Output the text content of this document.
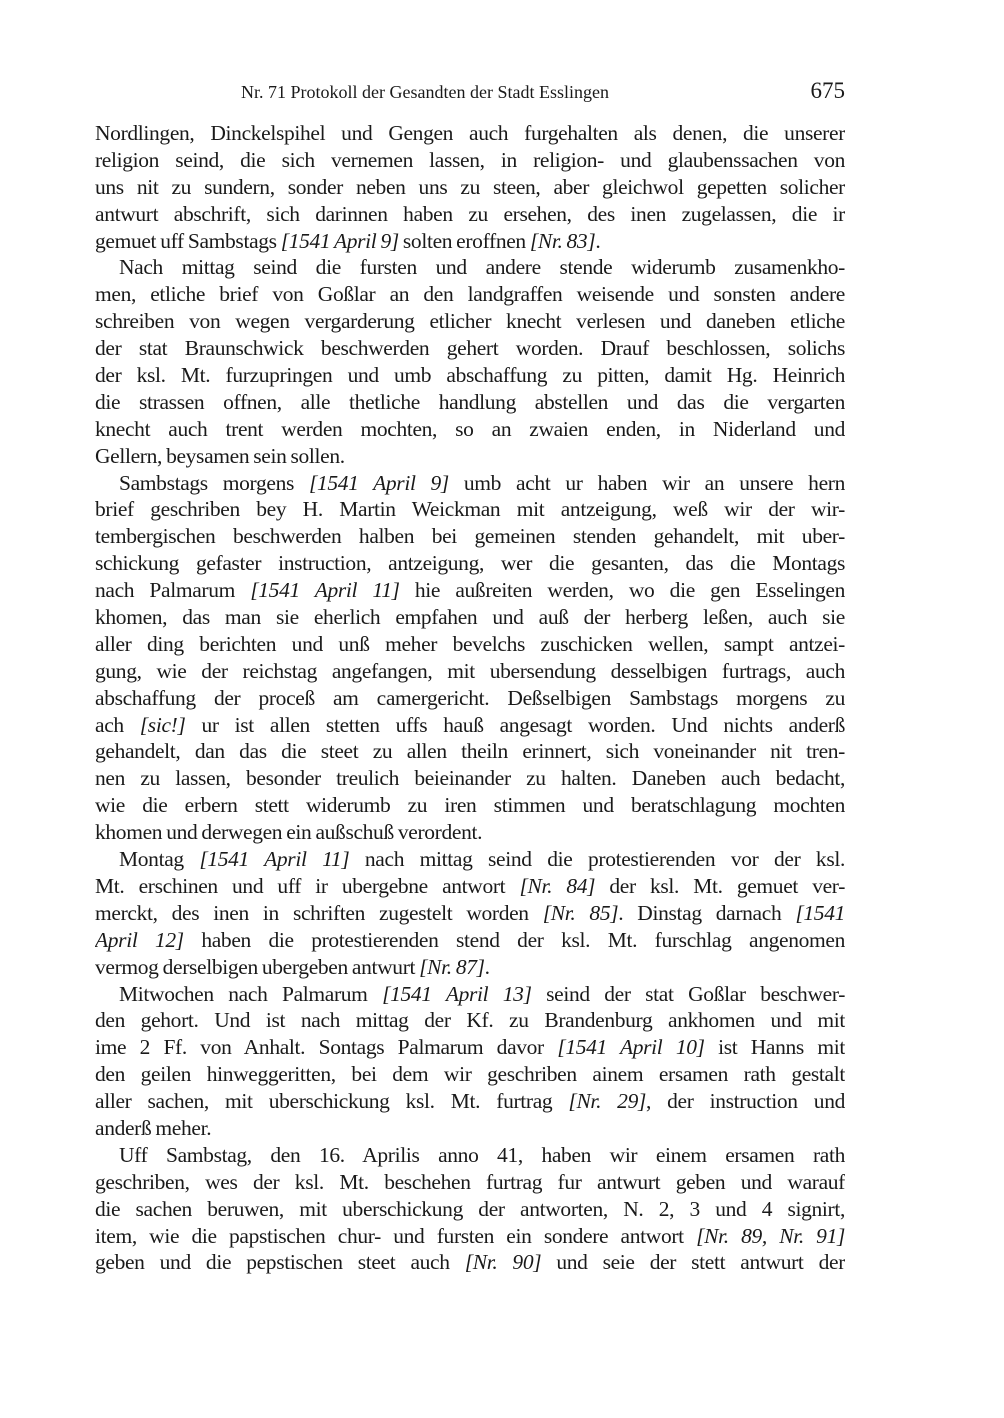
Nr. 71 Protokoll der Gesandten der Stadt Esslingen	675
Nordlingen, Dinckelspihel und Gengen auch furgehalten als denen, die unserer
religion seind, die sich vernemen lassen, in religion- und glaubenssachen von
uns nit zu sundern, sonder neben uns zu steen, aber gleichwol gepetten solicher
antwurt abschrift, sich darinnen haben zu ersehen, des inen zugelassen, die ir
gemuet uff Sambstags [1541 April 9] solten eroffnen [Nr. 83].
Nach mittag seind die fursten und andere stende widerumb zusamenkho-
men, etliche brief von Goßlar an den landgraffen weisende und sonsten andere
schreiben von wegen vergarderung etlicher knecht verlesen und daneben etliche
der stat Braunschwick beschwerden gehert worden. Drauf beschlossen, solichs
der ksl. Mt. furzupringen und umb abschaffung zu pitten, damit Hg. Heinrich
die strassen offnen, alle thetliche handlung abstellen und das die vergarten
knecht auch trent werden mochten, so an zwaien enden, in Niderland und
Gellern, beysamen sein sollen.
Sambstags morgens [1541 April 9] umb acht ur haben wir an unsere hern
brief geschriben bey H. Martin Weickman mit antzeigung, weß wir der wir-
tembergischen beschwerden halben bei gemeinen stenden gehandelt, mit uber-
schickung gefaster instruction, antzeigung, wer die gesanten, das die Montags
nach Palmarum [1541 April 11] hie außreiten werden, wo die gen Esselingen
khomen, das man sie eherlich empfahen und auß der herberg leßen, auch sie
aller ding berichten und unß meher bevelchs zuschicken wellen, sampt antzei-
gung, wie der reichstag angefangen, mit ubersendung desselbigen furtrags, auch
abschaffung der proceß am camergericht. Deßselbigen Sambstags morgens zu
ach [sic!] ur ist allen stetten uffs hauß angesagt worden. Und nichts anderß
gehandelt, dan das die steet zu allen theiln erinnert, sich voneinander nit tren-
nen zu lassen, besonder treulich beieinander zu halten. Daneben auch bedacht,
wie die erbern stett widerumb zu iren stimmen und beratschlagung mochten
khomen und derwegen ein außschuß verordent.
Montag [1541 April 11] nach mittag seind die protestierenden vor der ksl.
Mt. erschinen und uff ir ubergebne antwort [Nr. 84] der ksl. Mt. gemuet ver-
merckt, des inen in schriften zugestelt worden [Nr. 85]. Dinstag darnach [1541
April 12] haben die protestierenden stend der ksl. Mt. furschlag angenomen
vermog derselbigen ubergeben antwurt [Nr. 87].
Mitwochen nach Palmarum [1541 April 13] seind der stat Goßlar beschwer-
den gehort. Und ist nach mittag der Kf. zu Brandenburg ankhomen und mit
ime 2 Ff. von Anhalt. Sontags Palmarum davor [1541 April 10] ist Hanns mit
den geilen hinweggeritten, bei dem wir geschriben ainem ersamen rath gestalt
aller sachen, mit uberschickung ksl. Mt. furtrag [Nr. 29], der instruction und
anderß meher.
Uff Sambstag, den 16. Aprilis anno 41, haben wir einem ersamen rath
geschriben, wes der ksl. Mt. beschehen furtrag fur antwurt geben und warauf
die sachen beruwen, mit uberschickung der antworten, N. 2, 3 und 4 signirt,
item, wie die papstischen chur- und fursten ein sondere antwort [Nr. 89, Nr. 91]
geben und die pepstischen steet auch [Nr. 90] und seie der stett antwurt der
